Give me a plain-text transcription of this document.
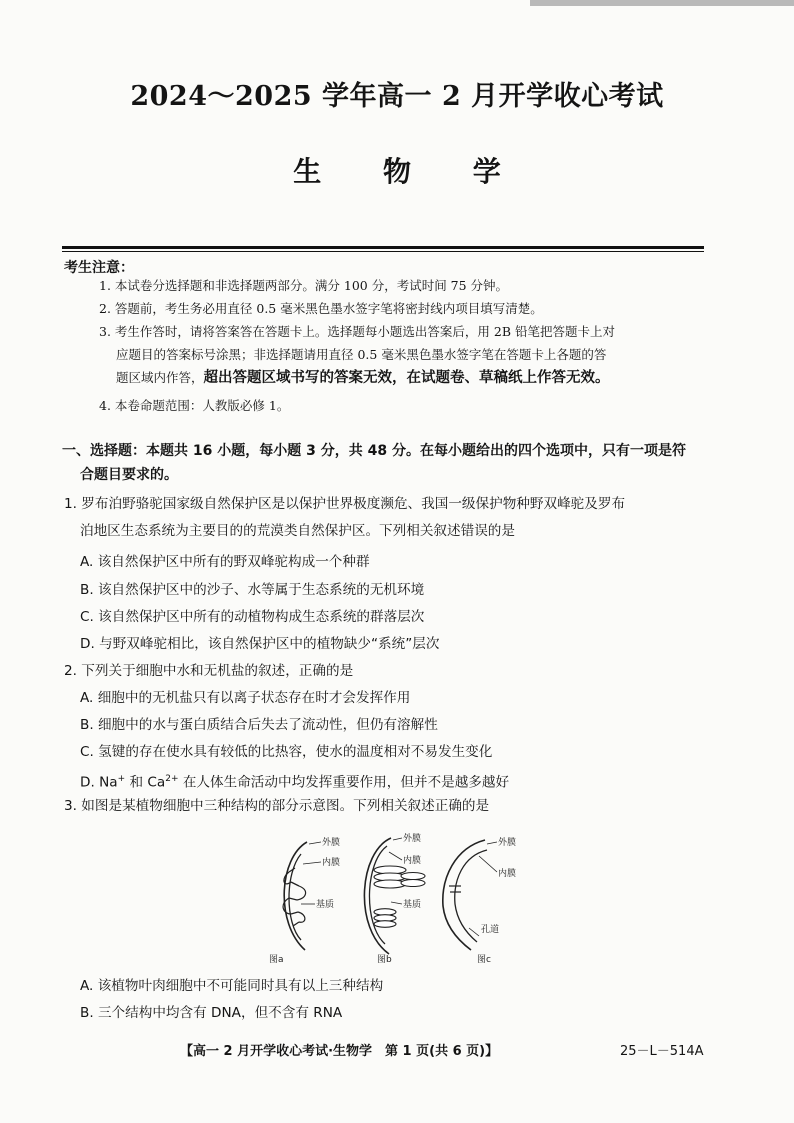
2024～2025 学年高一 2 月开学收心考试
生 物 学
考生注意：
1. 本试卷分选择题和非选择题两部分。满分 100 分，考试时间 75 分钟。
2. 答题前，考生务必用直径 0.5 毫米黑色墨水签字笔将密封线内项目填写清楚。
3. 考生作答时，请将答案答在答题卡上。选择题每小题选出答案后，用 2B 铅笔把答题卡上对
应题目的答案标号涂黑；非选择题请用直径 0.5 毫米黑色墨水签字笔在答题卡上各题的答
题区域内作答，超出答题区域书写的答案无效，在试题卷、草稿纸上作答无效。
4. 本卷命题范围：人教版必修 1。
一、选择题：本题共 16 小题，每小题 3 分，共 48 分。在每小题给出的四个选项中，只有一项是符
合题目要求的。
1. 罗布泊野骆驼国家级自然保护区是以保护世界极度濒危、我国一级保护物种野双峰驼及罗布
泊地区生态系统为主要目的的荒漠类自然保护区。下列相关叙述错误的是
A. 该自然保护区中所有的野双峰驼构成一个种群
B. 该自然保护区中的沙子、水等属于生态系统的无机环境
C. 该自然保护区中所有的动植物构成生态系统的群落层次
D. 与野双峰驼相比，该自然保护区中的植物缺少“系统”层次
2. 下列关于细胞中水和无机盐的叙述，正确的是
A. 细胞中的无机盐只有以离子状态存在时才会发挥作用
B. 细胞中的水与蛋白质结合后失去了流动性，但仍有溶解性
C. 氢键的存在使水具有较低的比热容，使水的温度相对不易发生变化
D. Na+ 和 $Ca^{2+}$ 在人体生命活动中均发挥重要作用，但并不是越多越好
3. 如图是某植物细胞中三种结构的部分示意图。下列相关叙述正确的是
外膜
内膜
基质
图a
外膜
内膜
基质
图b
外膜
内膜
孔道
图c
A. 该植物叶肉细胞中不可能同时具有以上三种结构
B. 三个结构中均含有 DNA，但不含有 RNA
【高一 2 月开学收心考试·生物学　第 1 页(共 6 页)】	25－L－514A
